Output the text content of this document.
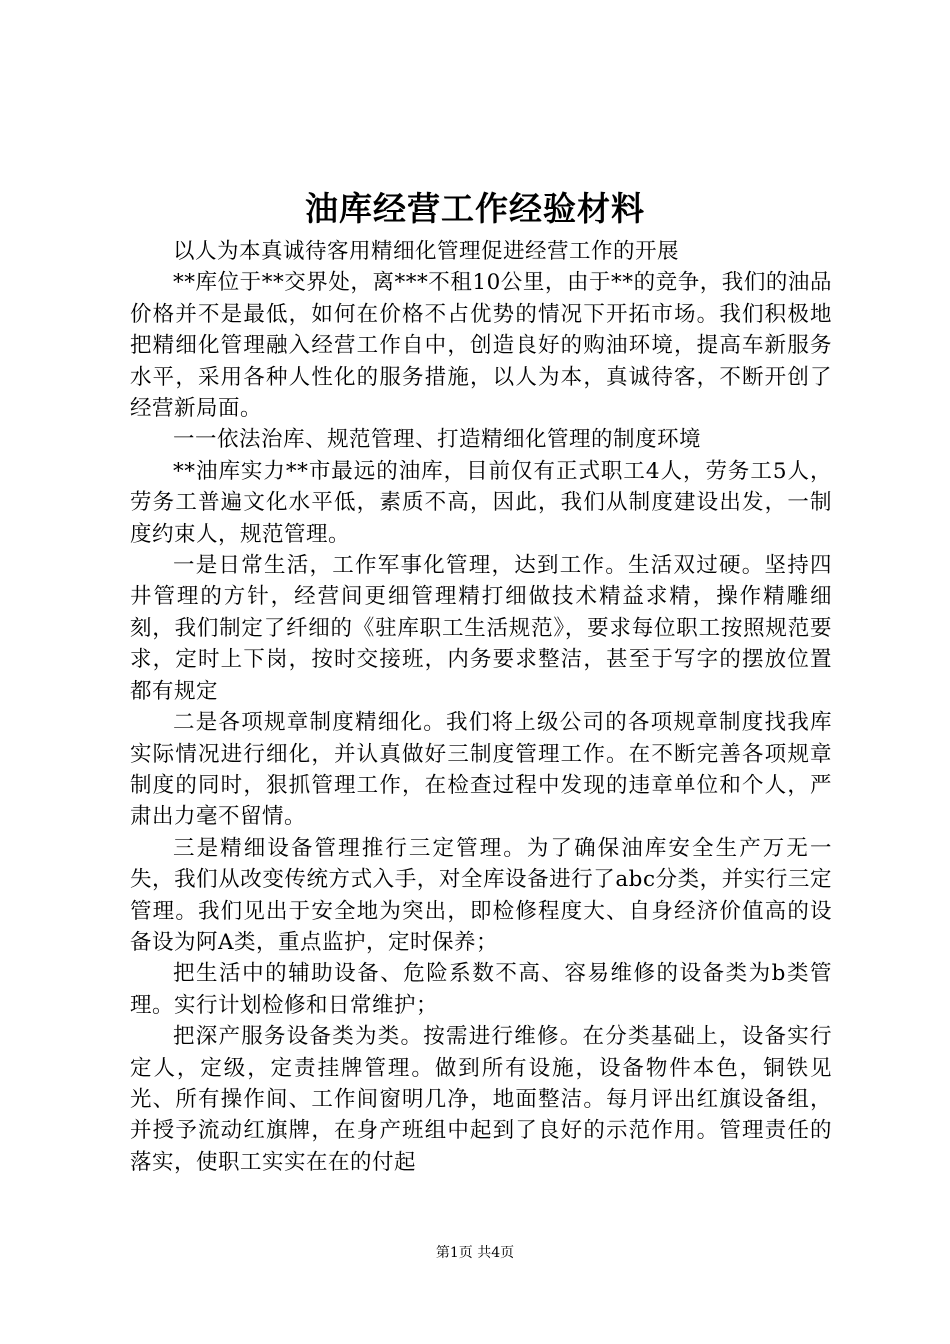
油库经营工作经验材料

以人为本真诚待客用精细化管理促进经营工作的开展

**库位于**交界处，离***不租10公里，由于**的竞争，我们的油品价格并不是最低，如何在价格不占优势的情况下开拓市场。我们积极地把精细化管理融入经营工作自中，创造良好的购油环境，提高车新服务水平，采用各种人性化的服务措施，以人为本，真诚待客，不断开创了经营新局面。

一一依法治库、规范管理、打造精细化管理的制度环境

**油库实力**市最远的油库，目前仅有正式职工4人，劳务工5人，劳务工普遍文化水平低，素质不高，因此，我们从制度建设出发，一制度约束人，规范管理。

一是日常生活，工作军事化管理，达到工作。生活双过硬。坚持四井管理的方针，经营间更细管理精打细做技术精益求精，操作精雕细刻，我们制定了纤细的《驻库职工生活规范》，要求每位职工按照规范要求，定时上下岗，按时交接班，内务要求整洁，甚至于写字的摆放位置都有规定

二是各项规章制度精细化。我们将上级公司的各项规章制度找我库实际情况进行细化，并认真做好三制度管理工作。在不断完善各项规章制度的同时，狠抓管理工作，在检查过程中发现的违章单位和个人，严肃出力毫不留情。

三是精细设备管理推行三定管理。为了确保油库安全生产万无一失，我们从改变传统方式入手，对全库设备进行了abc分类，并实行三定管理。我们见出于安全地为突出，即检修程度大、自身经济价值高的设备设为阿A类，重点监护，定时保养；

把生活中的辅助设备、危险系数不高、容易维修的设备类为b类管理。实行计划检修和日常维护；

把深产服务设备类为类。按需进行维修。在分类基础上，设备实行定人，定级，定责挂牌管理。做到所有设施，设备物件本色，铜铁见光、所有操作间、工作间窗明几净，地面整洁。每月评出红旗设备组，并授予流动红旗牌，在身产班组中起到了良好的示范作用。管理责任的落实，使职工实实在在的付起

第1页 共4页
